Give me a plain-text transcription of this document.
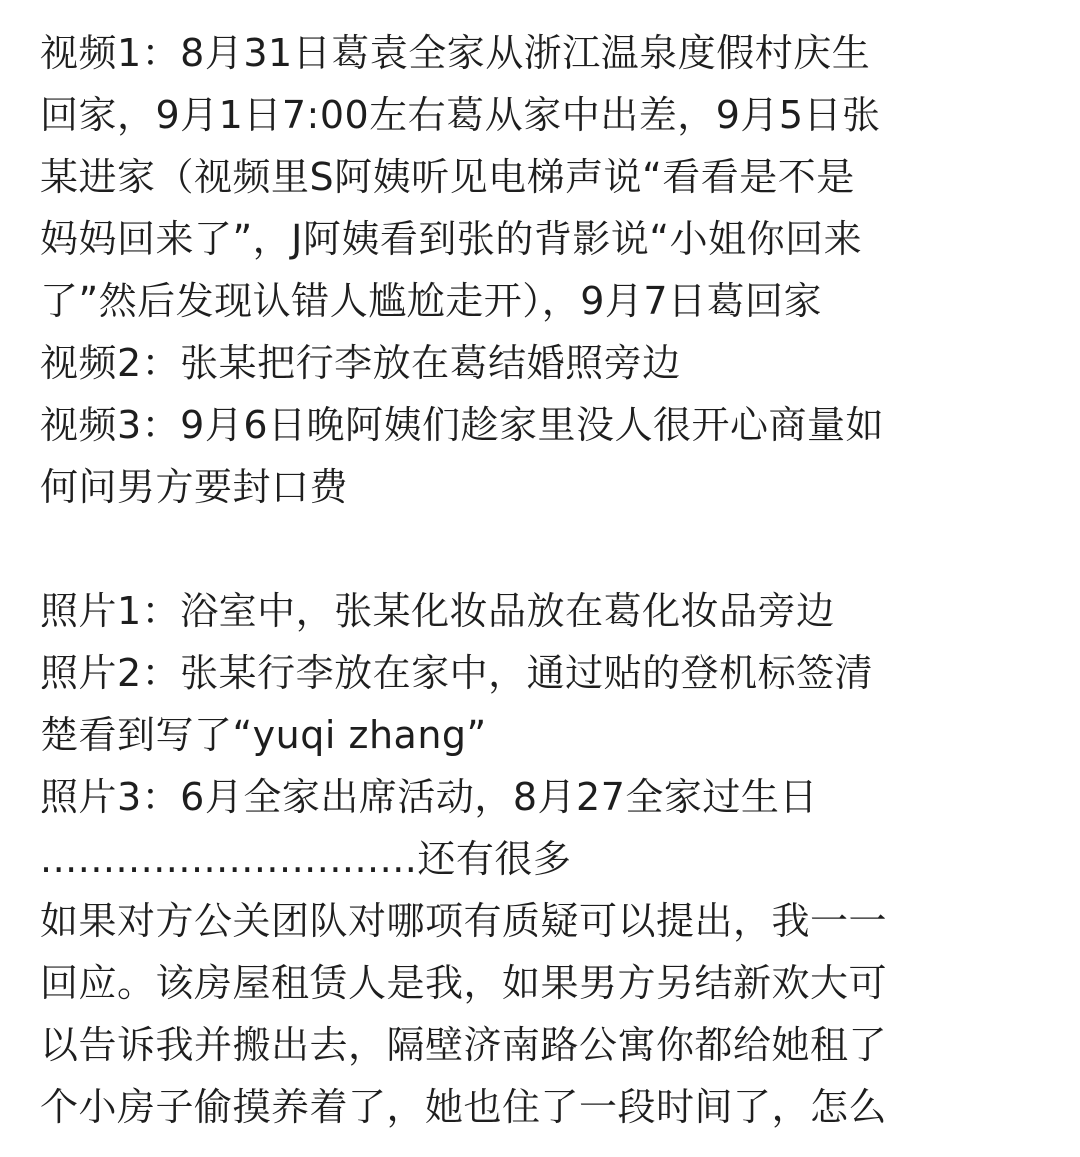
视频1：8月31日葛袁全家从浙江温泉度假村庆生
回家，9月1日7:00左右葛从家中出差，9月5日张
某进家（视频里S阿姨听见电梯声说“看看是不是
妈妈回来了”，J阿姨看到张的背影说“小姐你回来
了”然后发现认错人尴尬走开），9月7日葛回家
视频2：张某把行李放在葛结婚照旁边
视频3：9月6日晚阿姨们趁家里没人很开心商量如
何问男方要封口费
照片1：浴室中，张某化妆品放在葛化妆品旁边
照片2：张某行李放在家中，通过贴的登机标签清
楚看到写了“yuqi zhang”
照片3：6月全家出席活动，8月27全家过生日
..............................还有很多
如果对方公关团队对哪项有质疑可以提出，我一一
回应。该房屋租赁人是我，如果男方另结新欢大可
以告诉我并搬出去，隔壁济南路公寓你都给她租了
个小房子偷摸养着了，她也住了一段时间了，怎么
